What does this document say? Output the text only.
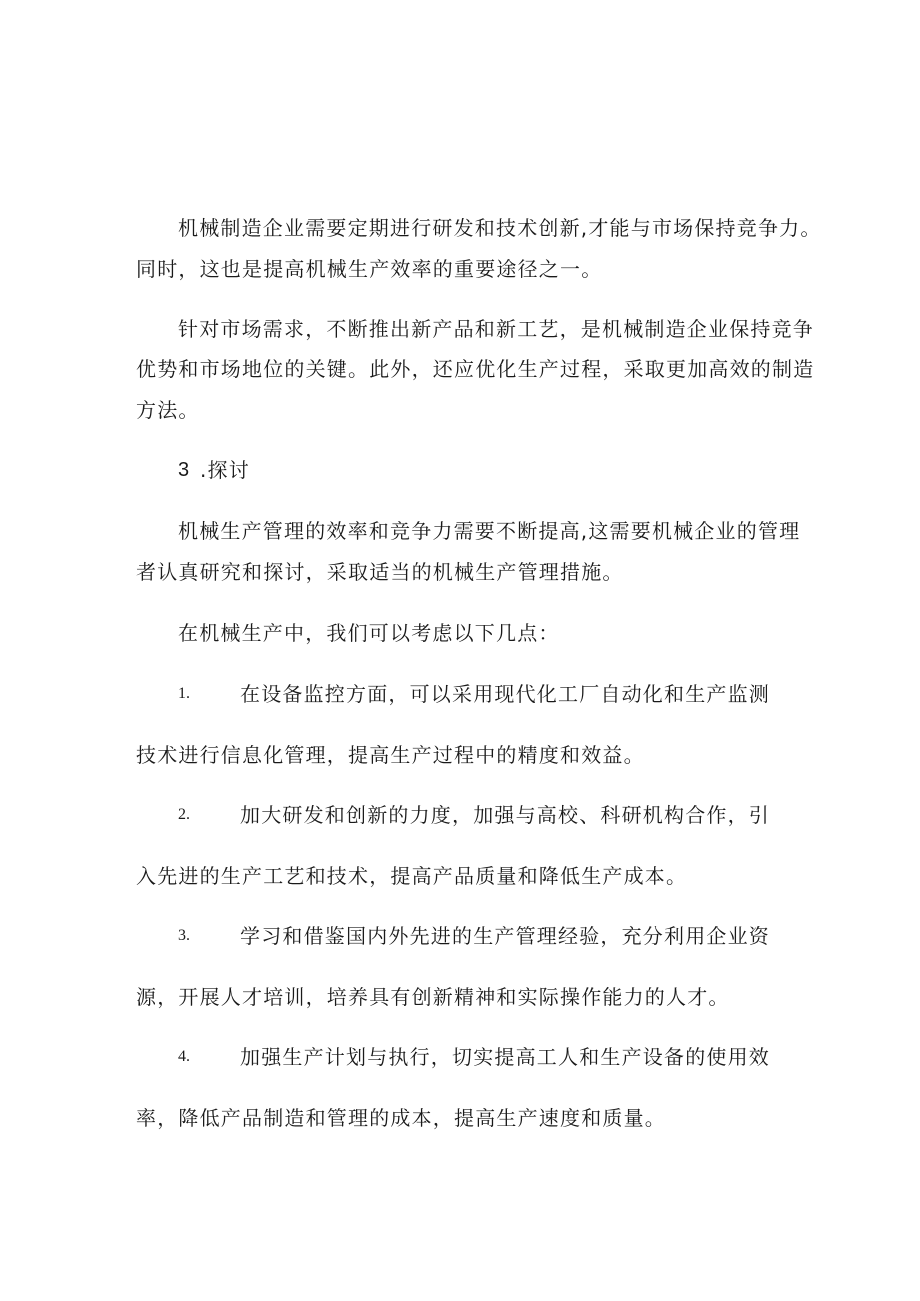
机械制造企业需要定期进行研发和技术创新,才能与市场保持竞争力。
同时，这也是提高机械生产效率的重要途径之一。
针对市场需求，不断推出新产品和新工艺，是机械制造企业保持竞争
优势和市场地位的关键。此外，还应优化生产过程，采取更加高效的制造
方法。
3 .探讨
机械生产管理的效率和竞争力需要不断提高,这需要机械企业的管理
者认真研究和探讨，采取适当的机械生产管理措施。
在机械生产中，我们可以考虑以下几点：
1.	在设备监控方面，可以采用现代化工厂自动化和生产监测
技术进行信息化管理，提高生产过程中的精度和效益。
2.	加大研发和创新的力度，加强与高校、科研机构合作，引
入先进的生产工艺和技术，提高产品质量和降低生产成本。
3.	学习和借鉴国内外先进的生产管理经验，充分利用企业资
源，开展人才培训，培养具有创新精神和实际操作能力的人才。
4.	加强生产计划与执行，切实提高工人和生产设备的使用效
率，降低产品制造和管理的成本，提高生产速度和质量。
